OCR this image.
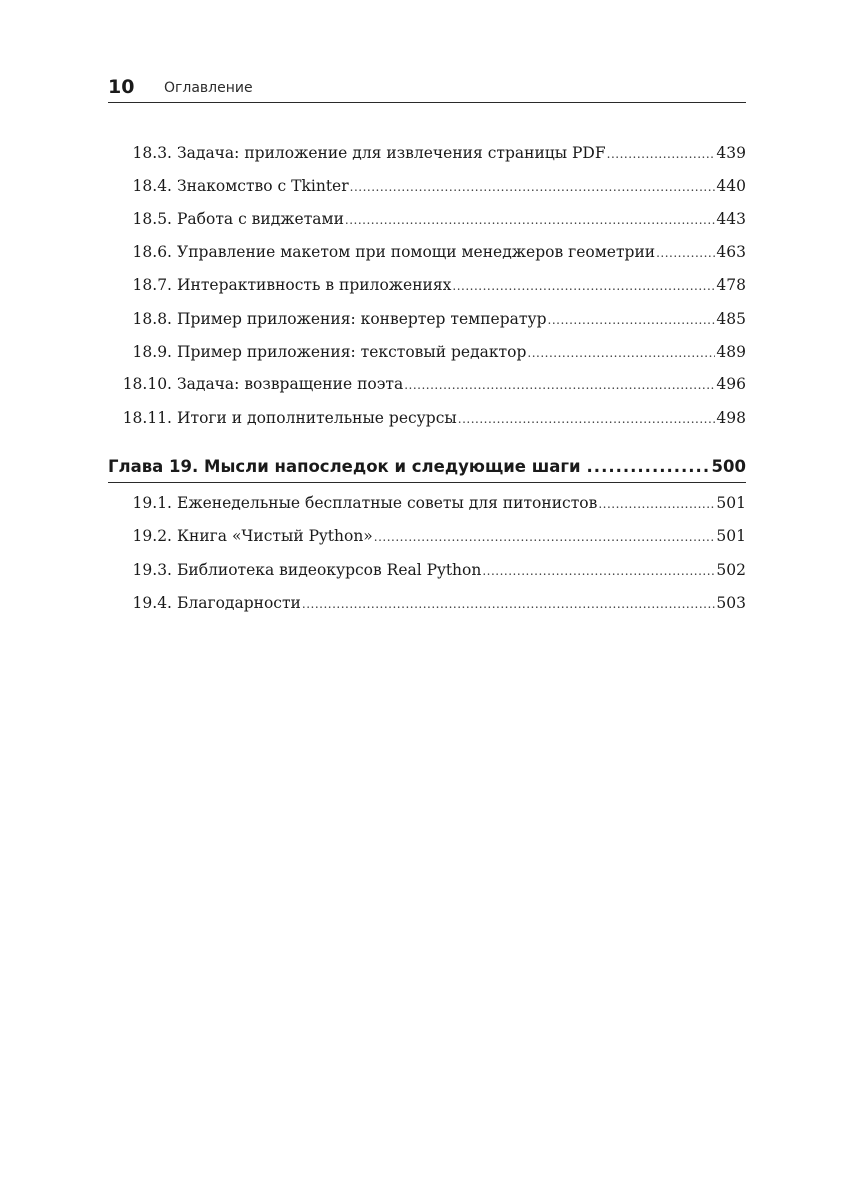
10 Оглавление
18.3. Задача: приложение для извлечения страницы PDF .....	439
18.4. Знакомство с Tkinter .....	440
18.5. Работа с виджетами .....	443
18.6. Управление макетом при помощи менеджеров геометрии .....	463
18.7. Интерактивность в приложениях .....	478
18.8. Пример приложения: конвертер температур .....	485
18.9. Пример приложения: текстовый редактор .....	489
18.10. Задача: возвращение поэта .....	496
18.11. Итоги и дополнительные ресурсы .....	498
Глава 19. Мысли напоследок и следующие шаги .....	500
19.1. Еженедельные бесплатные советы для питонистов .....	501
19.2. Книга «Чистый Python» .....	501
19.3. Библиотека видеокурсов Real Python .....	502
19.4. Благодарности .....	503
